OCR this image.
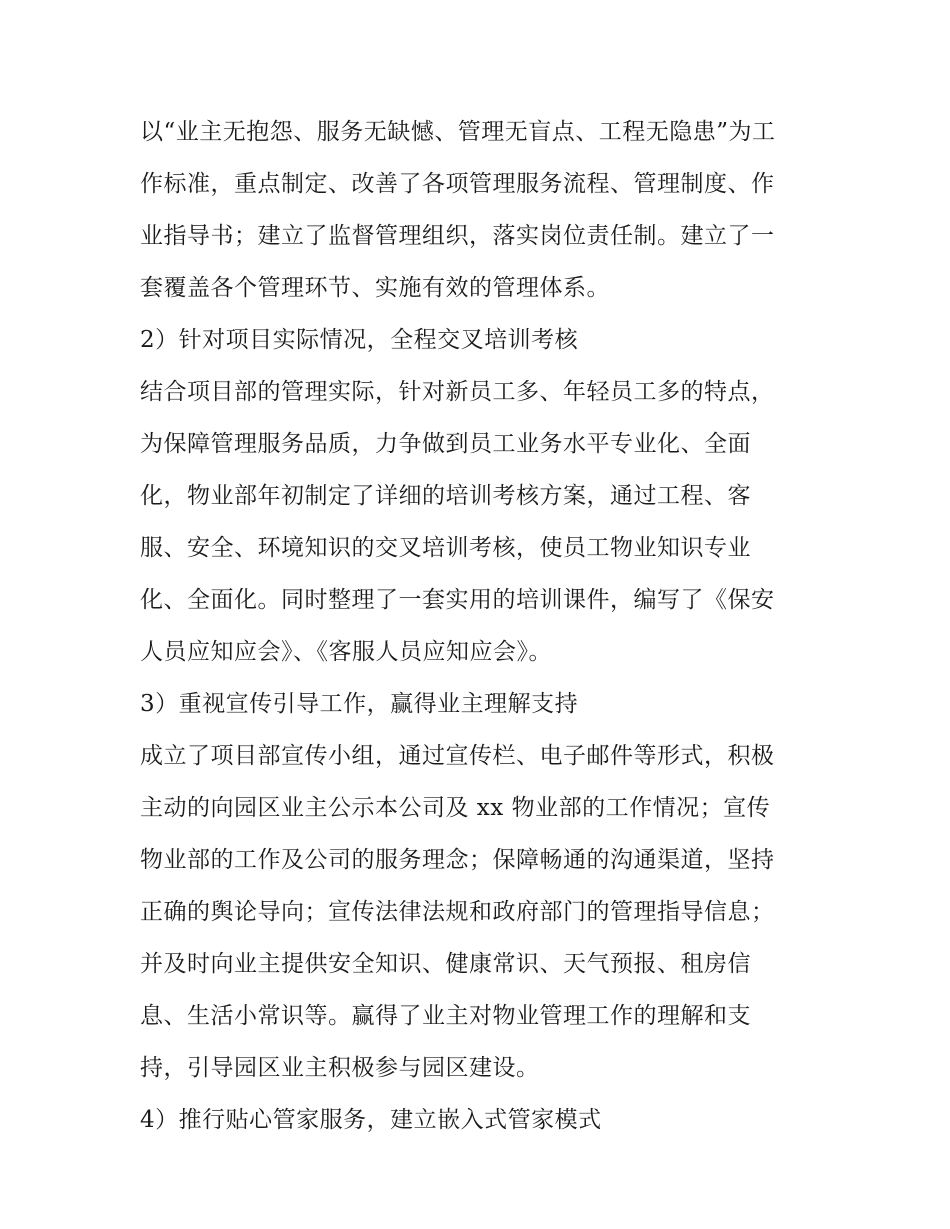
以“业主无抱怨、服务无缺憾、管理无盲点、工程无隐患”为工
作标准，重点制定、改善了各项管理服务流程、管理制度、作
业指导书；建立了监督管理组织，落实岗位责任制。建立了一
套覆盖各个管理环节、实施有效的管理体系。
2）针对项目实际情况，全程交叉培训考核
结合项目部的管理实际，针对新员工多、年轻员工多的特点，
为保障管理服务品质，力争做到员工业务水平专业化、全面
化，物业部年初制定了详细的培训考核方案，通过工程、客
服、安全、环境知识的交叉培训考核，使员工物业知识专业
化、全面化。同时整理了一套实用的培训课件，编写了《保安
人员应知应会》、《客服人员应知应会》。
3）重视宣传引导工作，赢得业主理解支持
成立了项目部宣传小组，通过宣传栏、电子邮件等形式，积极
主动的向园区业主公示本公司及 xx 物业部的工作情况；宣传
物业部的工作及公司的服务理念；保障畅通的沟通渠道，坚持
正确的舆论导向；宣传法律法规和政府部门的管理指导信息；
并及时向业主提供安全知识、健康常识、天气预报、租房信
息、生活小常识等。赢得了业主对物业管理工作的理解和支
持，引导园区业主积极参与园区建设。
4）推行贴心管家服务，建立嵌入式管家模式
